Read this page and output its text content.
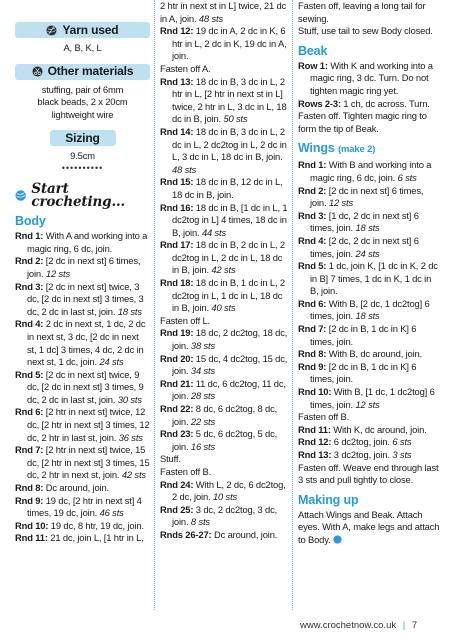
Yarn used
A, B, K, L
Other materials
stuffing, pair of 6mm
black beads, 2 x 20cm
lightweight wire
Sizing
9.5cm
••••••••••
Start crocheting...
Body

Rnd 1: With A and working into a magic ring, 6 dc, join.

Rnd 2: [2 dc in next st] 6 times, join. 12 sts

Rnd 3: [2 dc in next st] twice, 3 dc, [2 dc in next st] 3 times, 3 dc, 2 dc in last st, join. 18 sts

Rnd 4: 2 dc in next st, 1 dc, 2 dc in next st, 3 dc, [2 dc in next st, 1 dc] 3 times, 4 dc, 2 dc in next st, 1 dc, join. 24 sts

Rnd 5: [2 dc in next st] twice, 9 dc, [2 dc in next st] 3 times, 9 dc, 2 dc in last st, join. 30 sts

Rnd 6: [2 htr in next st] twice, 12 dc, [2 htr in next st] 3 times, 12 dc, 2 htr in last st, join. 36 sts

Rnd 7: [2 htr in next st] twice, 15 dc, [2 htr in next st] 3 times, 15 dc, 2 htr in next st, join. 42 sts

Rnd 8: Dc around, join.

Rnd 9: 19 dc, [2 htr in next st] 4 times, 19 dc, join. 46 sts

Rnd 10: 19 dc, 8 htr, 19 dc, join.

Rnd 11: 21 dc, join L, [1 htr in L,

2 htr in next st in L] twice, 21 dc in A, join. 48 sts

Rnd 12: 19 dc in A, 2 dc in K, 6 htr in L, 2 dc in K, 19 dc in A, join.

Fasten off A.

Rnd 13: 18 dc in B, 3 dc in L, 2 htr in L, [2 htr in next st in L] twice, 2 htr in L, 3 dc in L, 18 dc in B, join. 50 sts

Rnd 14: 18 dc in B, 3 dc in L, 2 dc in L, 2 dc2tog in L, 2 dc in L, 3 dc in L, 18 dc in B, join. 48 sts

Rnd 15: 18 dc in B, 12 dc in L, 18 dc in B, join.

Rnd 16: 18 dc in B, [1 dc in L, 1 dc2tog in L] 4 times, 18 dc in B, join. 44 sts

Rnd 17: 18 dc in B, 2 dc in L, 2 dc2tog in L, 2 dc in L, 18 dc in B, join. 42 sts

Rnd 18: 18 dc in B, 1 dc in L, 2 dc2tog in L, 1 dc in L, 18 dc in B, join. 40 sts

Fasten off L.

Rnd 19: 18 dc, 2 dc2tog, 18 dc, join. 38 sts

Rnd 20: 15 dc, 4 dc2tog, 15 dc, join. 34 sts

Rnd 21: 11 dc, 6 dc2tog, 11 dc, join. 28 sts

Rnd 22: 8 dc, 6 dc2tog, 8 dc, join. 22 sts

Rnd 23: 5 dc, 6 dc2tog, 5 dc, join. 16 sts

Stuff.

Fasten off B.

Rnd 24: With L, 2 dc, 6 dc2tog, 2 dc, join. 10 sts

Rnd 25: 3 dc, 2 dc2tog, 3 dc, join. 8 sts

Rnds 26-27: Dc around, join.

Fasten off, leaving a long tail for sewing.

Stuff, use tail to sew Body closed.

Beak

Row 1: With K and working into a magic ring, 3 dc. Turn. Do not tighten magic ring yet.

Rows 2-3: 1 ch, dc across. Turn.

Fasten off. Tighten magic ring to form the tip of Beak.

Wings (make 2)

Rnd 1: With B and working into a magic ring, 6 dc, join. 6 sts

Rnd 2: [2 dc in next st] 6 times, join. 12 sts

Rnd 3: [1 dc, 2 dc in next st] 6 times, join. 18 sts

Rnd 4: [2 dc, 2 dc in next st] 6 times, join. 24 sts

Rnd 5: 1 dc, join K, [1 dc in K, 2 dc in B] 7 times, 1 dc in K, 1 dc in B, join.

Rnd 6: With B, [2 dc, 1 dc2tog] 6 times, join. 18 sts

Rnd 7: [2 dc in B, 1 dc in K] 6 times, join.

Rnd 8: With B, dc around, join.

Rnd 9: [2 dc in B, 1 dc in K] 6 times, join.

Rnd 10: With B, [1 dc, 1 dc2tog] 6 times, join. 12 sts

Fasten off B.

Rnd 11: With K, dc around, join.

Rnd 12: 6 dc2tog, join. 6 sts

Rnd 13: 3 dc2tog, join. 3 sts

Fasten off. Weave end through last 3 sts and pull tightly to close.

Making up

Attach Wings and Beak. Attach eyes. With A, make legs and attach to Body.

www.crochetnow.co.uk | 7
